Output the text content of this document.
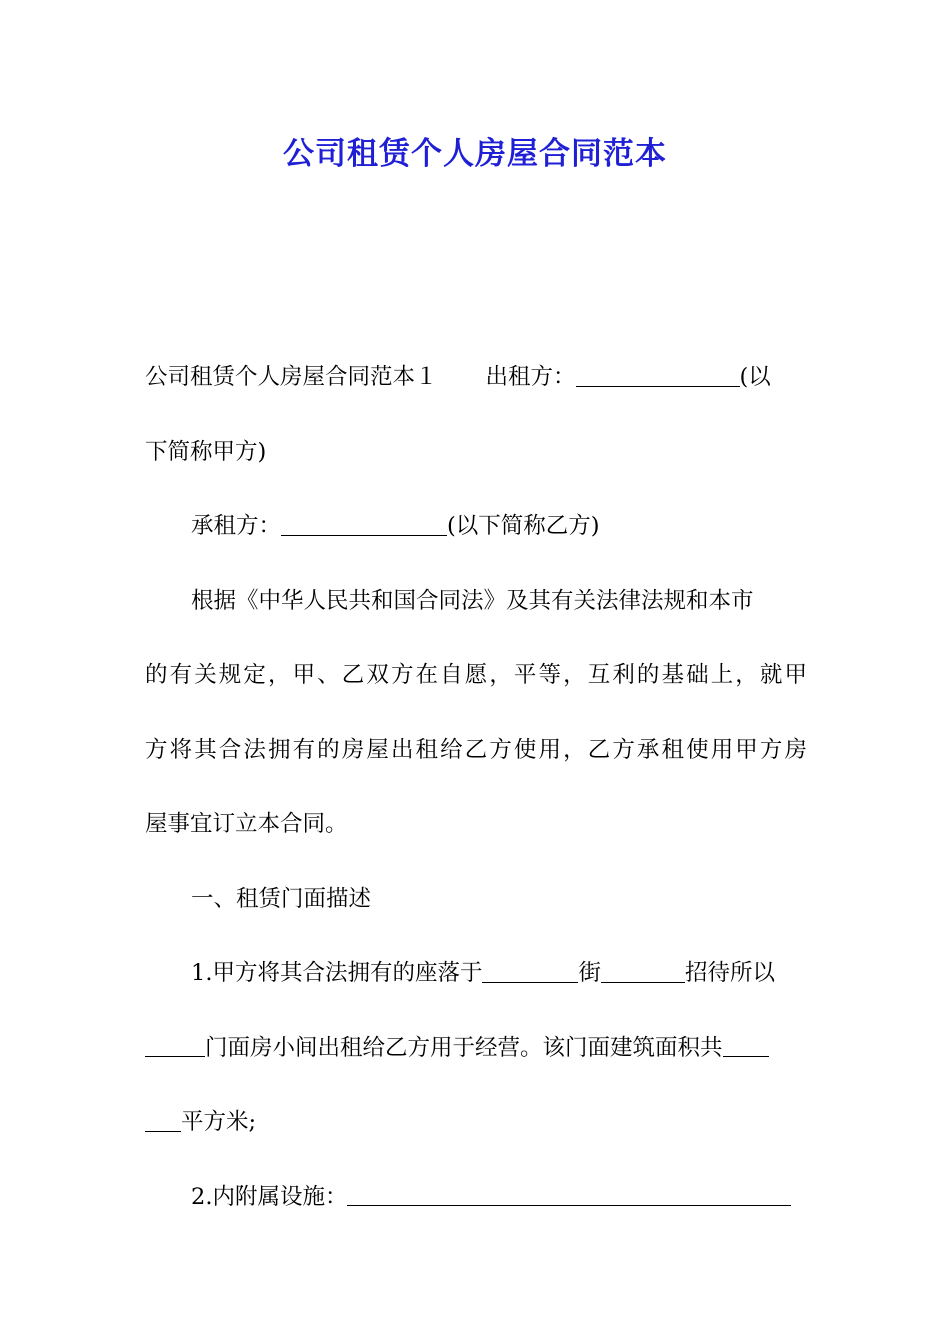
公司租赁个人房屋合同范本
公司租赁个人房屋合同范本１ 出租方：	(以
下简称甲方)
承租方：	(以下简称乙方)
根据《中华人民共和国合同法》及其有关法律法规和本市
的有关规定，甲、乙双方在自愿，平等，互利的基础上，就甲
方将其合法拥有的房屋出租给乙方使用，乙方承租使用甲方房
屋事宜订立本合同。
一、租赁门面描述
1.甲方将其合法拥有的座落于	街	招待所以
门面房小间出租给乙方用于经营。该门面建筑面积共
平方米;
2.内附属设施：
